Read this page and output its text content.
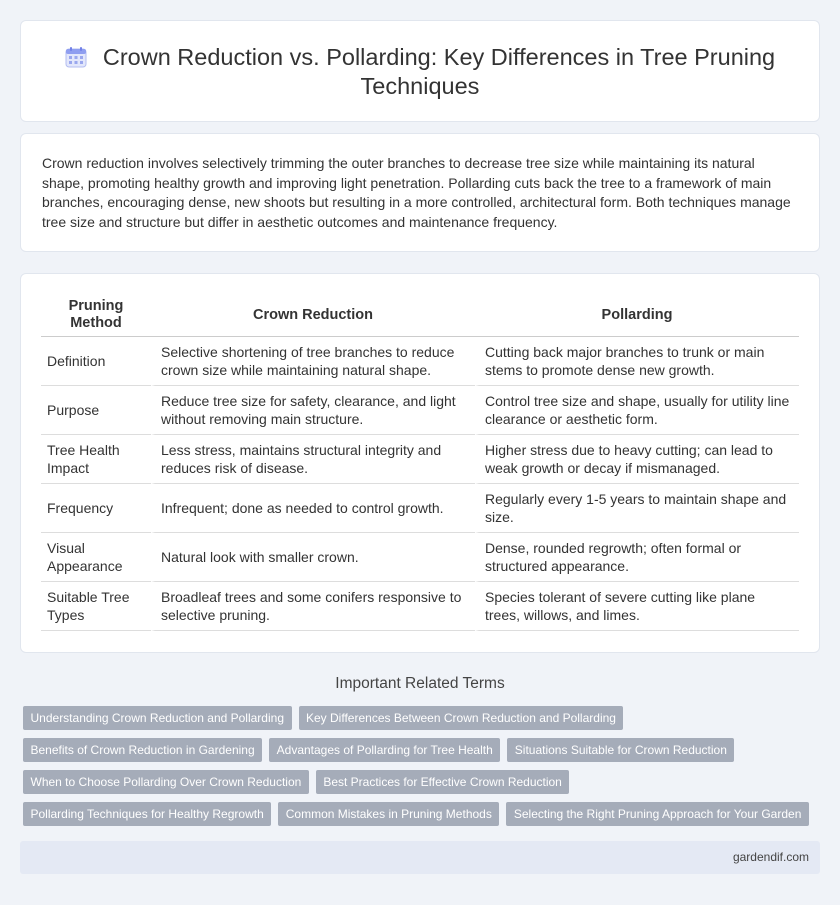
Crown Reduction vs. Pollarding: Key Differences in Tree Pruning Techniques

Crown reduction involves selectively trimming the outer branches to decrease tree size while maintaining its natural shape, promoting healthy growth and improving light penetration. Pollarding cuts back the tree to a framework of main branches, encouraging dense, new shoots but resulting in a more controlled, architectural form. Both techniques manage tree size and structure but differ in aesthetic outcomes and maintenance frequency.

Pruning Method	Crown Reduction	Pollarding
Definition	Selective shortening of tree branches to reduce crown size while maintaining natural shape.	Cutting back major branches to trunk or main stems to promote dense new growth.
Purpose	Reduce tree size for safety, clearance, and light without removing main structure.	Control tree size and shape, usually for utility line clearance or aesthetic form.
Tree Health Impact	Less stress, maintains structural integrity and reduces risk of disease.	Higher stress due to heavy cutting; can lead to weak growth or decay if mismanaged.
Frequency	Infrequent; done as needed to control growth.	Regularly every 1-5 years to maintain shape and size.
Visual Appearance	Natural look with smaller crown.	Dense, rounded regrowth; often formal or structured appearance.
Suitable Tree Types	Broadleaf trees and some conifers responsive to selective pruning.	Species tolerant of severe cutting like plane trees, willows, and limes.
Important Related Terms
Understanding Crown Reduction and Pollarding Key Differences Between Crown Reduction and Pollarding
Benefits of Crown Reduction in Gardening Advantages of Pollarding for Tree Health Situations Suitable for Crown Reduction
When to Choose Pollarding Over Crown Reduction Best Practices for Effective Crown Reduction
Pollarding Techniques for Healthy Regrowth Common Mistakes in Pruning Methods Selecting the Right Pruning Approach for Your Garden
gardendif.com
